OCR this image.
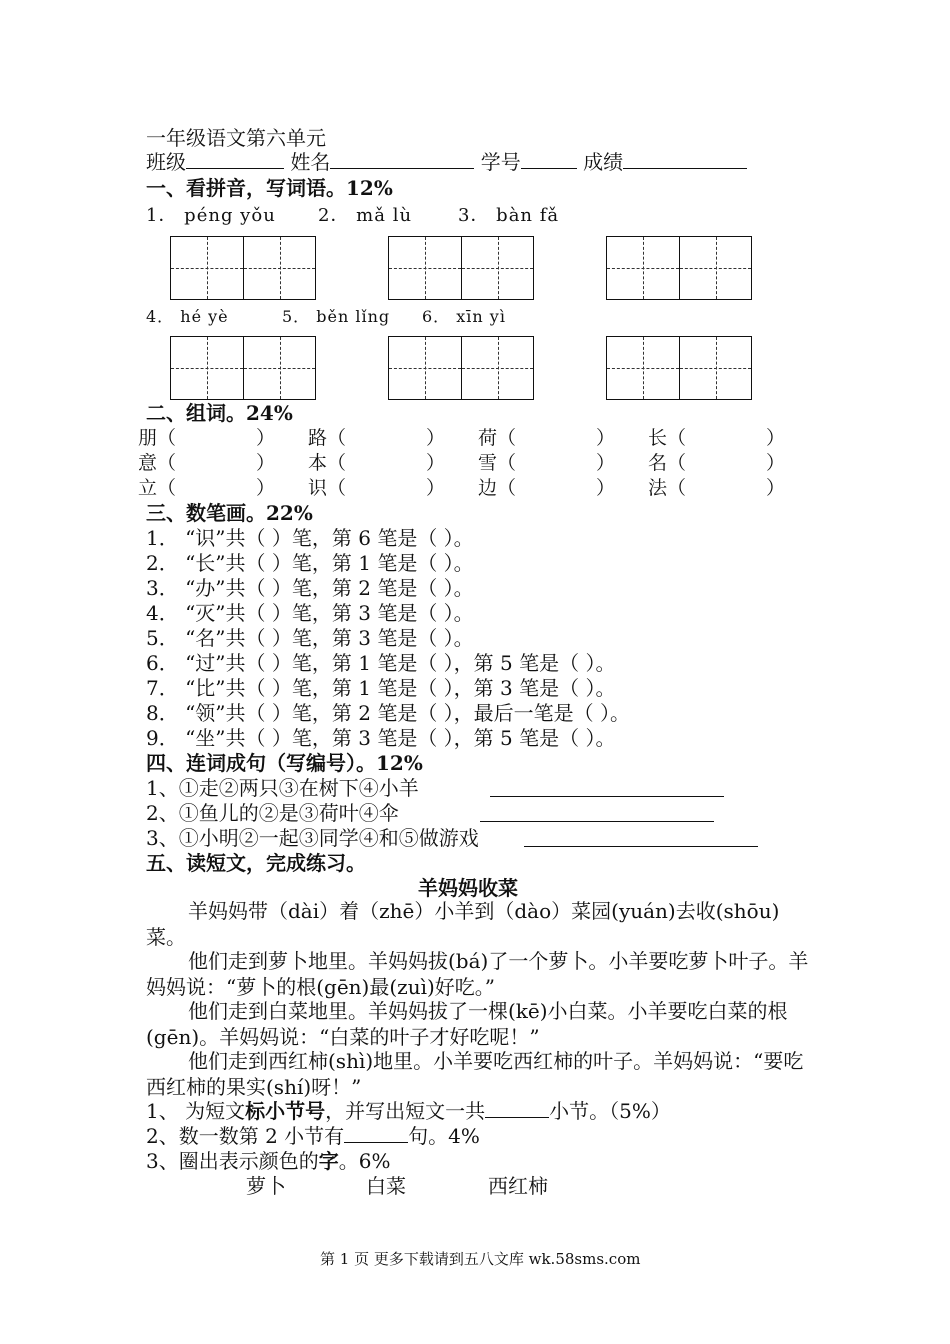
一年级语文第六单元
班级	姓名	学号	成绩
一、看拼音，写词语。12%
1． péng yǒu 2． mǎ lù	3． bàn fǎ
4． hé yè	5． běn lǐng 6． xīn yì
二、组词。24%
朋（	） 路（	） 荷（	） 长（	）
意（	） 本（	） 雪（	） 名（	）
立（	） 识（	） 边（	） 法（	）
三、数笔画。22%
1． “识”共（ ）笔，第 6 笔是（ ）。
2． “长”共（ ）笔，第 1 笔是（ ）。
3． “办”共（ ）笔，第 2 笔是（ ）。
4． “灭”共（ ）笔，第 3 笔是（ ）。
5． “名”共（ ）笔，第 3 笔是（ ）。
6． “过”共（ ）笔，第 1 笔是（ ），第 5 笔是（ ）。
7． “比”共（ ）笔，第 1 笔是（ ），第 3 笔是（ ）。
8． “领”共（ ）笔，第 2 笔是（ ），最后一笔是（ ）。
9． “坐”共（ ）笔，第 3 笔是（ ），第 5 笔是（ ）。
四、连词成句（写编号）。12%
1、①走②两只③在树下④小羊
2、①鱼儿的②是③荷叶④伞
3、①小明②一起③同学④和⑤做游戏
五、读短文，完成练习。
羊妈妈收菜
羊妈妈带（dài）着（zhē）小羊到（dào）菜园(yuán)去收(shōu)菜。
他们走到萝卜地里。羊妈妈拔(bá)了一个萝卜。小羊要吃萝卜叶子。羊妈妈说：“萝卜的根(gēn)最(zuì)好吃。”
他们走到白菜地里。羊妈妈拔了一棵(kē)小白菜。小羊要吃白菜的根(gēn)。羊妈妈说：“白菜的叶子才好吃呢！”
他们走到西红柿(shì)地里。小羊要吃西红柿的叶子。羊妈妈说：“要吃西红柿的果实(shí)呀！”
1、 为短文标小节号，并写出短文一共	小节。（5%）
2、数一数第 2 小节有	句。4%
3、圈出表示颜色的字。6%
萝卜	白菜	西红柿
第 1 页 更多下载请到五八文库 wk.58sms.com
